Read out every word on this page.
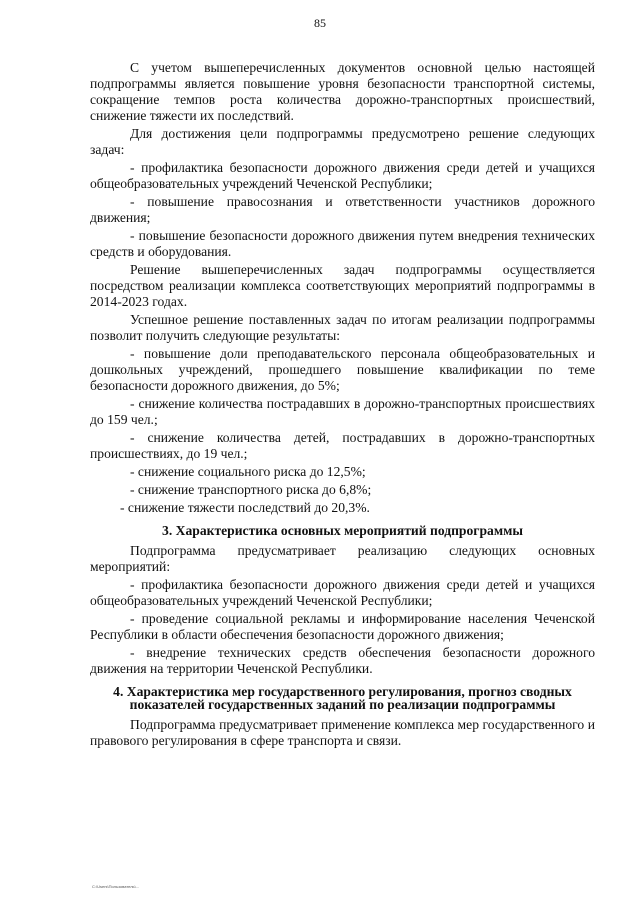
85

С учетом вышеперечисленных документов основной целью настоящей подпрограммы является повышение уровня безопасности транспортной системы, сокращение темпов роста количества дорожно-транспортных происшествий, снижение тяжести их последствий.

Для достижения цели подпрограммы предусмотрено решение следующих задач:

- профилактика безопасности дорожного движения среди детей и учащихся общеобразовательных учреждений Чеченской Республики;

- повышение правосознания и ответственности участников дорожного движения;

- повышение безопасности дорожного движения путем внедрения технических средств и оборудования.

Решение вышеперечисленных задач подпрограммы осуществляется посредством реализации комплекса соответствующих мероприятий подпрограммы в 2014-2023 годах.

Успешное решение поставленных задач по итогам реализации подпрограммы позволит получить следующие результаты:

- повышение доли преподавательского персонала общеобразовательных и дошкольных учреждений, прошедшего повышение квалификации по теме безопасности дорожного движения, до 5%;

- снижение количества пострадавших в дорожно-транспортных происшествиях до 159 чел.;

- снижение количества детей, пострадавших в дорожно-транспортных происшествиях, до 19 чел.;

- снижение социального риска до 12,5%;

- снижение транспортного риска до 6,8%;

- снижение тяжести последствий до 20,3%.

3. Характеристика основных мероприятий подпрограммы

Подпрограмма предусматривает реализацию следующих основных мероприятий:

- профилактика безопасности дорожного движения среди детей и учащихся общеобразовательных учреждений Чеченской Республики;

- проведение социальной рекламы и информирование населения Чеченской Республики в области обеспечения безопасности дорожного движения;

- внедрение технических средств обеспечения безопасности дорожного движения на территории Чеченской Республики.

4. Характеристика мер государственного регулирования, прогноз сводных показателей государственных заданий по реализации подпрограммы

Подпрограмма предусматривает применение комплекса мер государственного и правового регулирования в сфере транспорта и связи.

С:\Users\Пользователь\...
